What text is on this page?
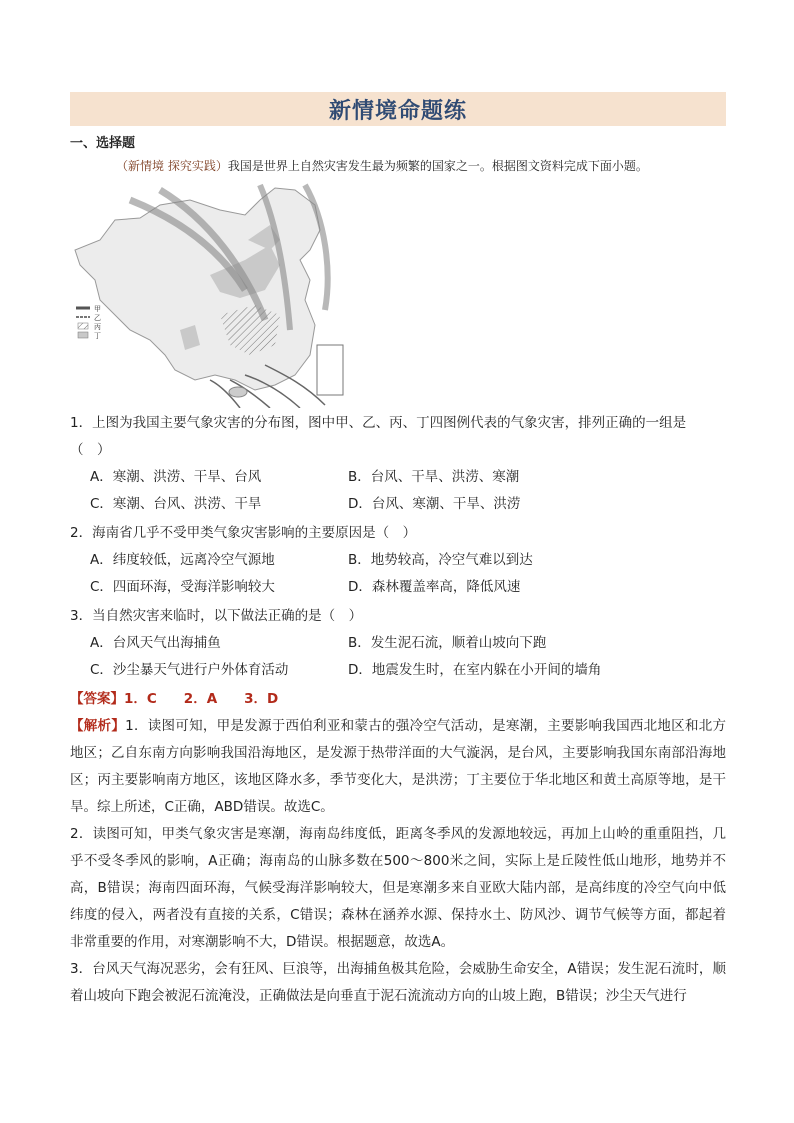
新情境命题练
一、选择题
（新情境 探究实践）我国是世界上自然灾害发生最为频繁的国家之一。根据图文资料完成下面小题。
甲
乙
丙
丁
1．上图为我国主要气象灾害的分布图，图中甲、乙、丙、丁四图例代表的气象灾害，排列正确的一组是
（　）
A．寒潮、洪涝、干旱、台风	B．台风、干旱、洪涝、寒潮
C．寒潮、台风、洪涝、干旱	D．台风、寒潮、干旱、洪涝
2．海南省几乎不受甲类气象灾害影响的主要原因是（　）
A．纬度较低，远离冷空气源地	B．地势较高，冷空气难以到达
C．四面环海，受海洋影响较大	D．森林覆盖率高，降低风速
3．当自然灾害来临时，以下做法正确的是（　）
A．台风天气出海捕鱼	B．发生泥石流，顺着山坡向下跑
C．沙尘暴天气进行户外体育活动	D．地震发生时，在室内躲在小开间的墙角
【答案】1．C　　2．A　　3．D
【解析】1．读图可知，甲是发源于西伯利亚和蒙古的强冷空气活动，是寒潮，主要影响我国西北地区和北方地区；乙自东南方向影响我国沿海地区，是发源于热带洋面的大气漩涡，是台风，主要影响我国东南部沿海地区；丙主要影响南方地区，该地区降水多，季节变化大，是洪涝；丁主要位于华北地区和黄土高原等地，是干旱。综上所述，C正确，ABD错误。故选C。
2．读图可知，甲类气象灾害是寒潮，海南岛纬度低，距离冬季风的发源地较远，再加上山岭的重重阻挡，几乎不受冬季风的影响，A正确；海南岛的山脉多数在500～800米之间，实际上是丘陵性低山地形，地势并不高，B错误；海南四面环海，气候受海洋影响较大，但是寒潮多来自亚欧大陆内部，是高纬度的冷空气向中低纬度的侵入，两者没有直接的关系，C错误；森林在涵养水源、保持水土、防风沙、调节气候等方面，都起着非常重要的作用，对寒潮影响不大，D错误。根据题意，故选A。
3．台风天气海况恶劣，会有狂风、巨浪等，出海捕鱼极其危险，会威胁生命安全，A错误；发生泥石流时，顺着山坡向下跑会被泥石流淹没，正确做法是向垂直于泥石流流动方向的山坡上跑，B错误；沙尘天气进行
